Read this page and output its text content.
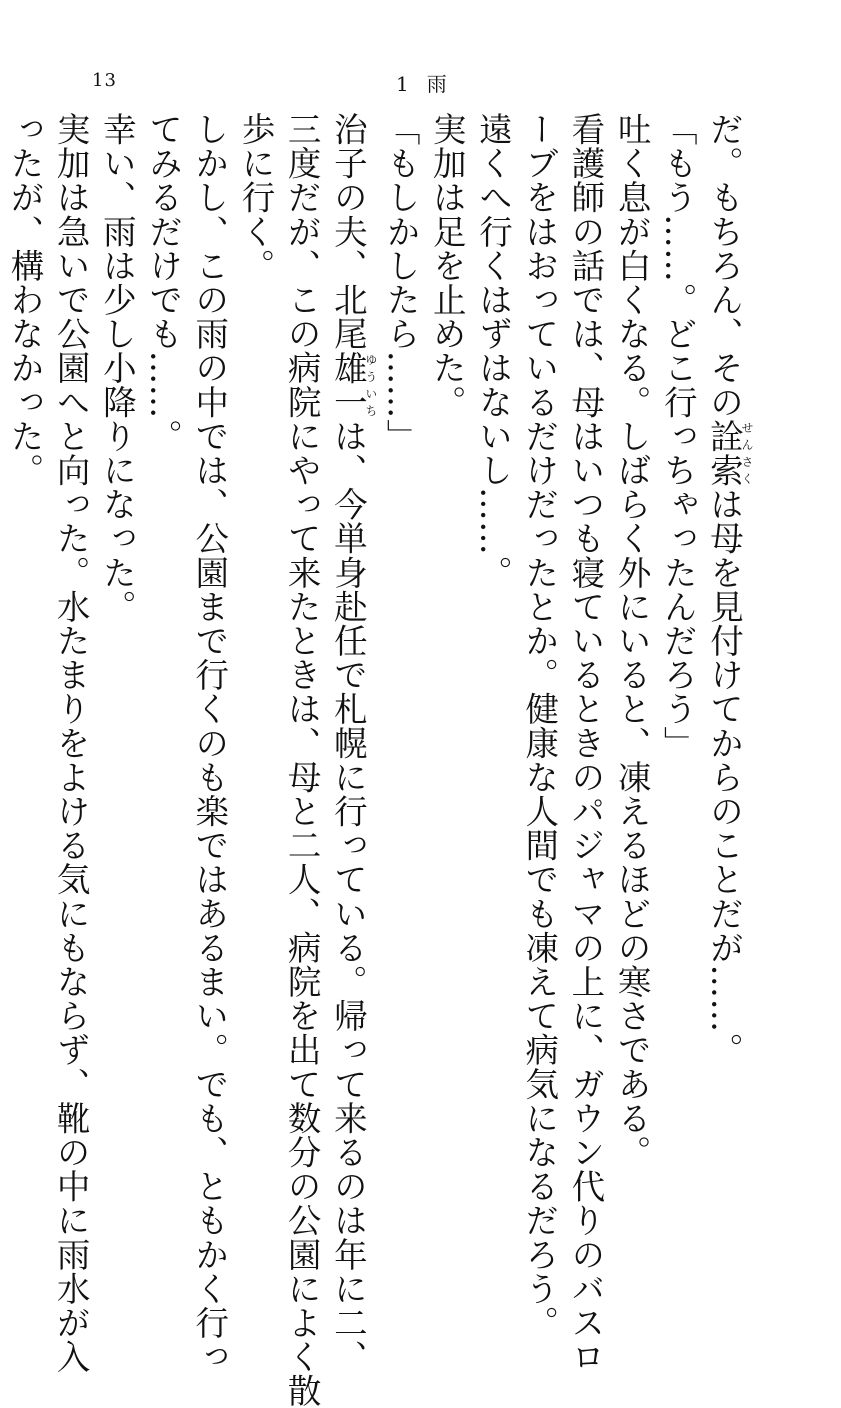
13	1 雨
だ。もちろん、その詮索せんさくは母を見付けてからのことだが……。
「もう……。どこ行っちゃったんだろう」
吐く息が白くなる。しばらく外にいると、凍えるほどの寒さである。
看護師の話では、母はいつも寝ているときのパジャマの上に、ガウン代りのバスロ
ーブをはおっているだけだったとか。健康な人間でも凍えて病気になるだろう。
遠くへ行くはずはないし……。
実加は足を止めた。
「もしかしたら……」
治子の夫、北尾雄一ゆういちは、今単身赴任で札幌に行っている。帰って来るのは年に二、
三度だが、この病院にやって来たときは、母と二人、病院を出て数分の公園によく散
歩に行く。
しかし、この雨の中では、公園まで行くのも楽ではあるまい。でも、ともかく行っ
てみるだけでも……。
幸い、雨は少し小降りになった。
実加は急いで公園へと向った。水たまりをよける気にもならず、靴の中に雨水が入
ったが、構わなかった。
